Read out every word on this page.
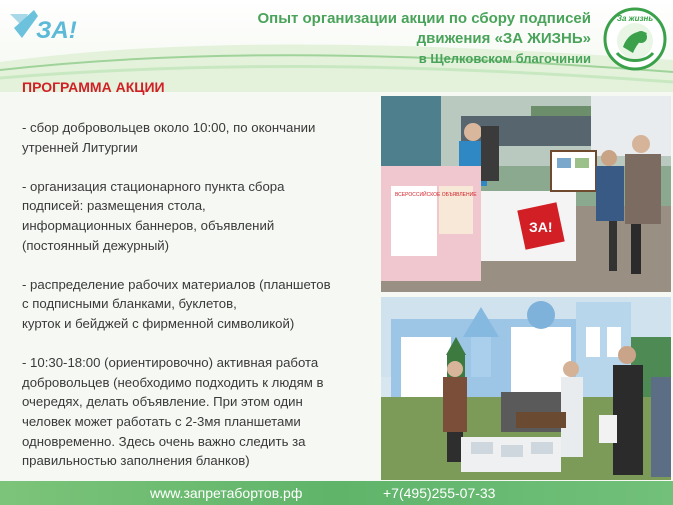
ЗА!	Опыт организации акции по сбору подписей
движения «ЗА ЖИЗНЬ»
в Щелковском благочинии
За жизнь

ПРОГРАММА АКЦИИ

- сбор добровольцев около 10:00, по окончании
утренней Литургии

- организация стационарного пункта сбора
подписей: размещения стола,
информационных баннеров, объявлений
(постоянный дежурный)

- распределение рабочих материалов (планшетов
с подписными бланками, буклетов,
курток и бейджей с фирменной символикой)

- 10:30-18:00 (ориентировочно) активная работа
добровольцев (необходимо подходить к людям в
очередях, делать объявление. При этом один
человек может работать с 2-3мя планшетами
одновременно. Здесь очень важно следить за
правильностью заполнения бланков)

ВСЕРОССИЙСКОЕ ОБЪЯВЛЕНИЕ
ЗА!
www.запретабортов.рф	+7(495)255-07-33
